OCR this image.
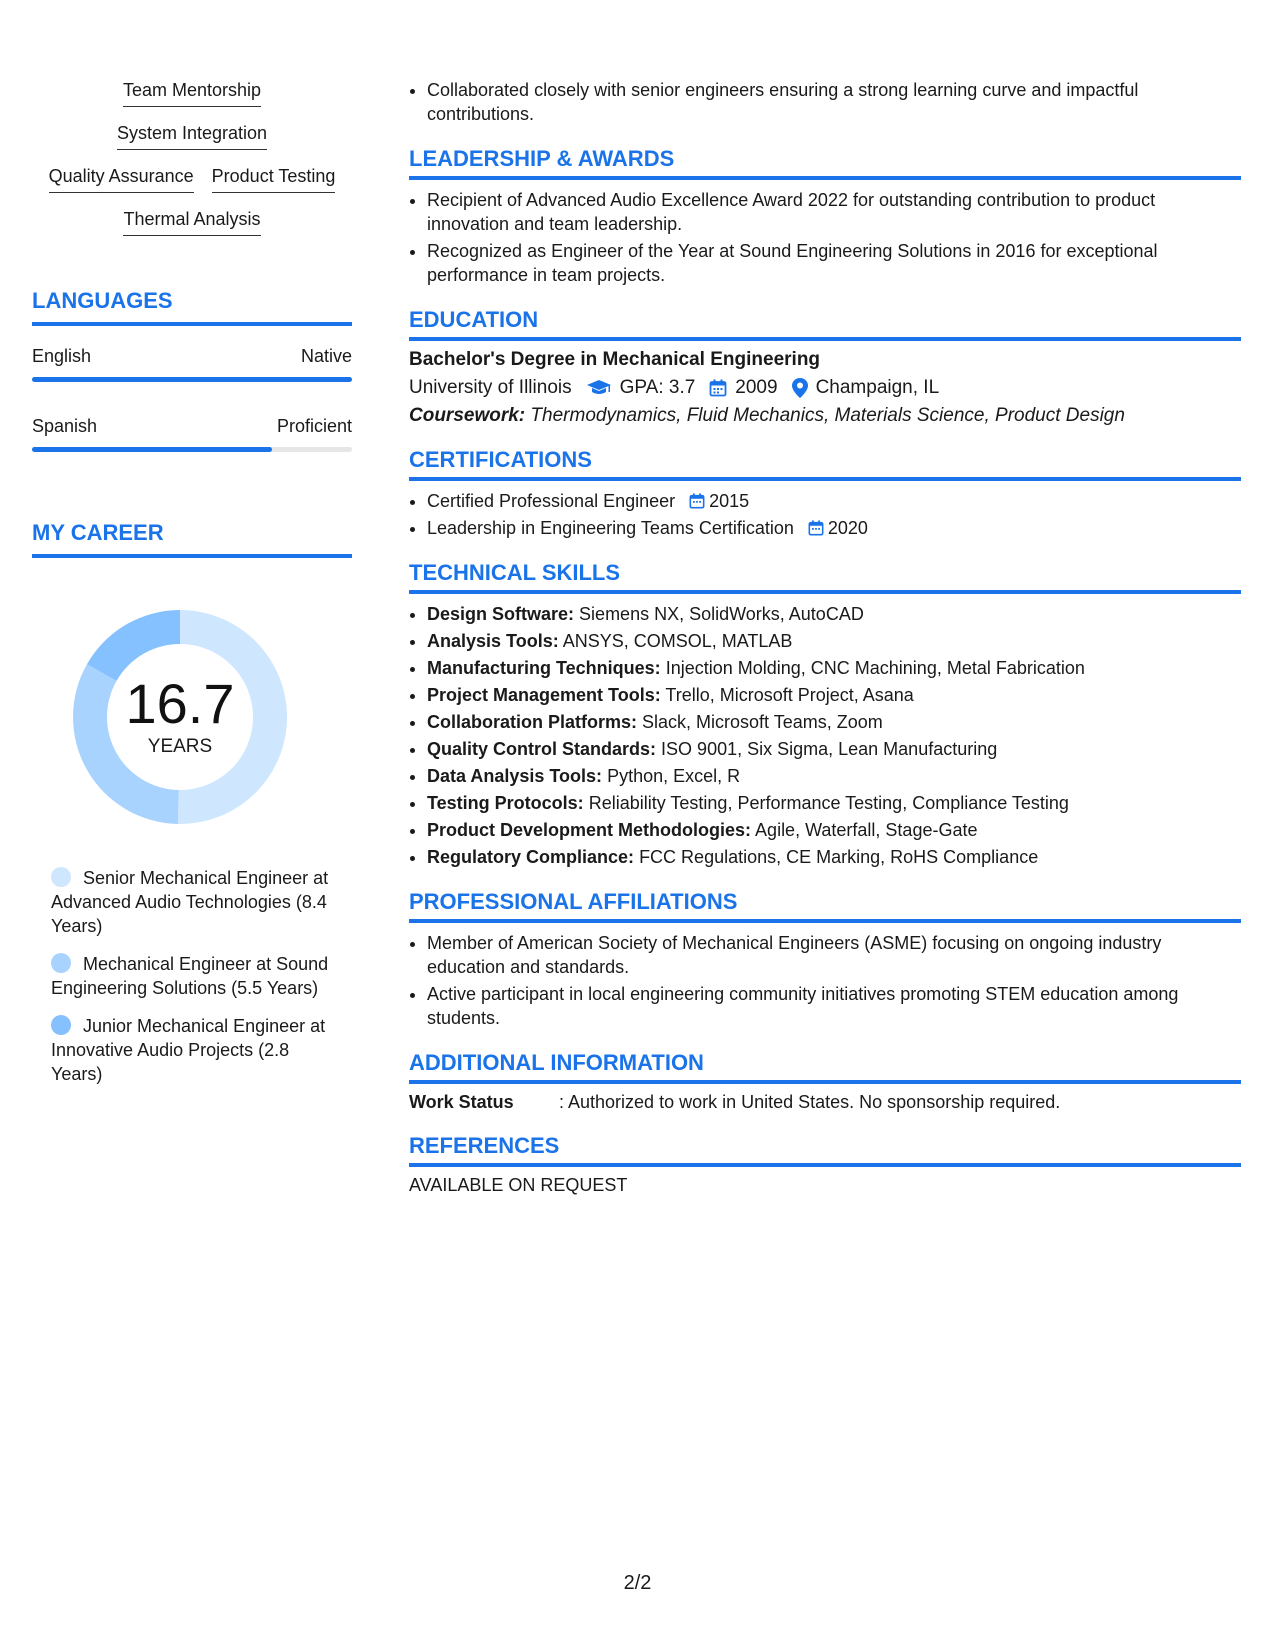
Team Mentorship
System Integration
Quality Assurance Product Testing
Thermal Analysis
LANGUAGES
English	Native
Spanish	Proficient
MY CAREER
16.7
YEARS
Senior Mechanical Engineer at Advanced Audio Technologies (8.4 Years)
Mechanical Engineer at Sound Engineering Solutions (5.5 Years)
Junior Mechanical Engineer at Innovative Audio Projects (2.8 Years)
• Collaborated closely with senior engineers ensuring a strong learning curve and impactful contributions.
LEADERSHIP & AWARDS
• Recipient of Advanced Audio Excellence Award 2022 for outstanding contribution to product innovation and team leadership.
• Recognized as Engineer of the Year at Sound Engineering Solutions in 2016 for exceptional performance in team projects.
EDUCATION
Bachelor's Degree in Mechanical Engineering
University of Illinois	GPA: 3.7 2009 Champaign, IL
Coursework: Thermodynamics, Fluid Mechanics, Materials Science, Product Design
CERTIFICATIONS
• Certified Professional Engineer 2015
• Leadership in Engineering Teams Certification 2020
TECHNICAL SKILLS
• Design Software: Siemens NX, SolidWorks, AutoCAD
• Analysis Tools: ANSYS, COMSOL, MATLAB
• Manufacturing Techniques: Injection Molding, CNC Machining, Metal Fabrication
• Project Management Tools: Trello, Microsoft Project, Asana
• Collaboration Platforms: Slack, Microsoft Teams, Zoom
• Quality Control Standards: ISO 9001, Six Sigma, Lean Manufacturing
• Data Analysis Tools: Python, Excel, R
• Testing Protocols: Reliability Testing, Performance Testing, Compliance Testing
• Product Development Methodologies: Agile, Waterfall, Stage-Gate
• Regulatory Compliance: FCC Regulations, CE Marking, RoHS Compliance
PROFESSIONAL AFFILIATIONS
• Member of American Society of Mechanical Engineers (ASME) focusing on ongoing industry education and standards.
• Active participant in local engineering community initiatives promoting STEM education among students.
ADDITIONAL INFORMATION
Work Status	: Authorized to work in United States. No sponsorship required.
REFERENCES
AVAILABLE ON REQUEST
2/2
